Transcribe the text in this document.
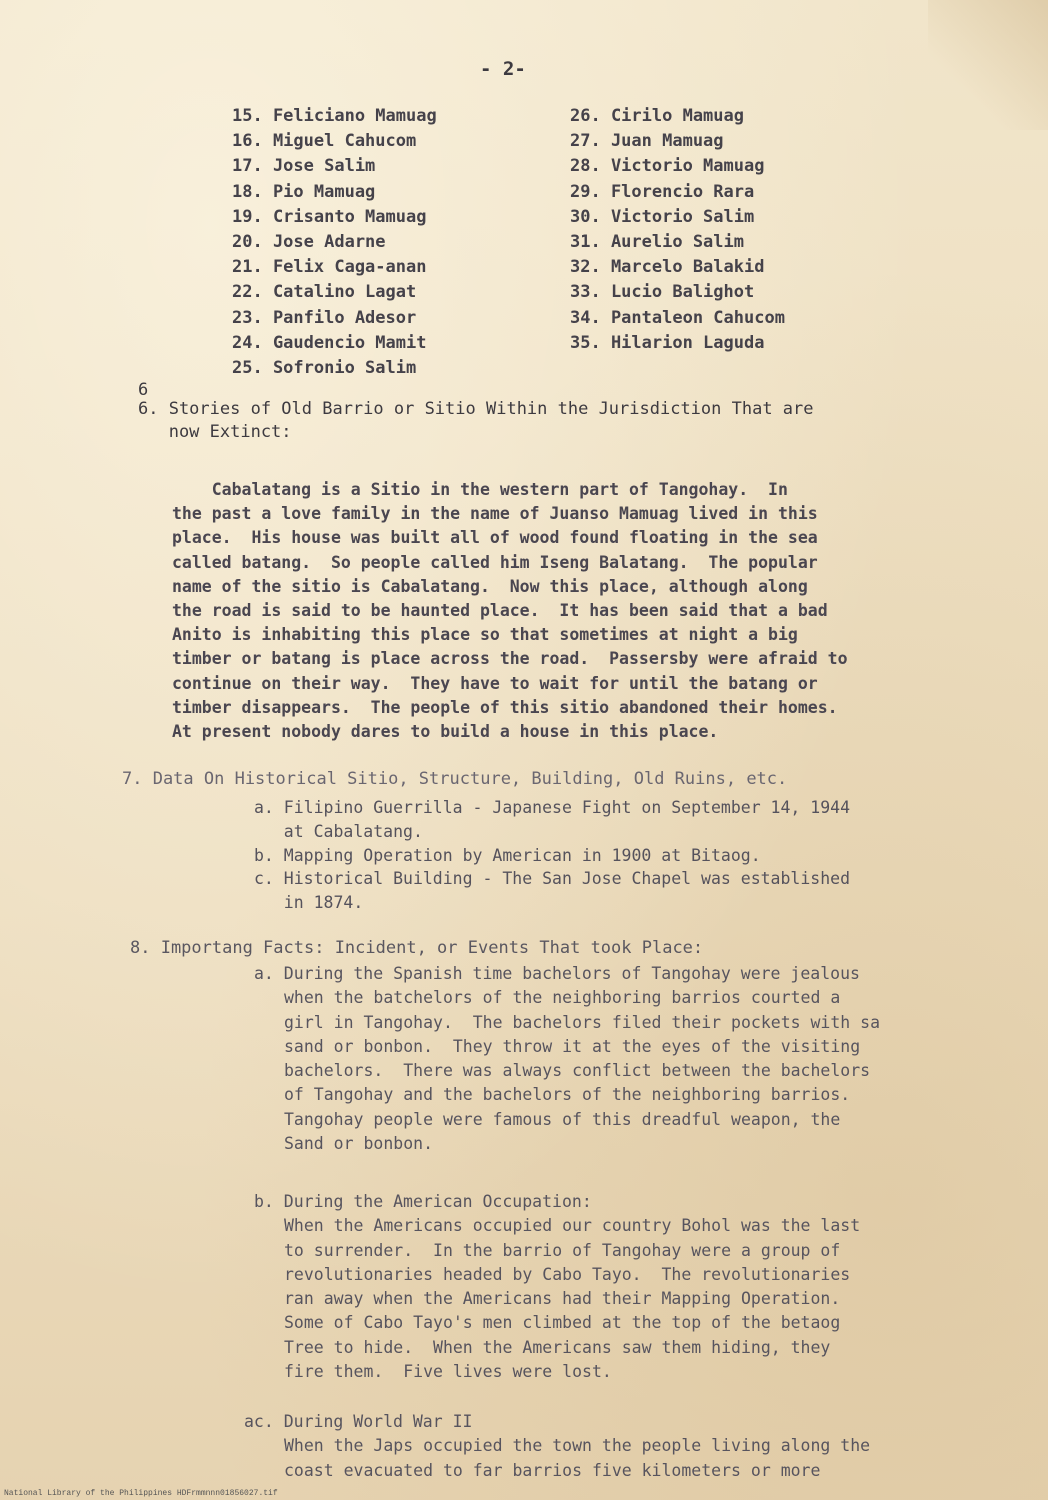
- 2-
15. Feliciano Mamuag
16. Miguel Cahucom
17. Jose Salim
18. Pio Mamuag
19. Crisanto Mamuag
20. Jose Adarne
21. Felix Caga-anan
22. Catalino Lagat
23. Panfilo Adesor
24. Gaudencio Mamit
25. Sofronio Salim
26. Cirilo Mamuag
27. Juan Mamuag
28. Victorio Mamuag
29. Florencio Rara
30. Victorio Salim
31. Aurelio Salim
32. Marcelo Balakid
33. Lucio Balighot
34. Pantaleon Cahucom
35. Hilarion Laguda
6
6. Stories of Old Barrio or Sitio Within the Jurisdiction That are
now Extinct:
Cabalatang is a Sitio in the western part of Tangohay.  In
the past a love family in the name of Juanso Mamuag lived in this
place.  His house was built all of wood found floating in the sea
called batang.  So people called him Iseng Balatang.  The popular
name of the sitio is Cabalatang.  Now this place, although along
the road is said to be haunted place.  It has been said that a bad
Anito is inhabiting this place so that sometimes at night a big
timber or batang is place across the road.  Passersby were afraid to
continue on their way.  They have to wait for until the batang or
timber disappears.  The people of this sitio abandoned their homes.
At present nobody dares to build a house in this place.
7. Data On Historical Sitio, Structure, Building, Old Ruins, etc.
a. Filipino Guerrilla - Japanese Fight on September 14, 1944
at Cabalatang.
b. Mapping Operation by American in 1900 at Bitaog.
c. Historical Building - The San Jose Chapel was established
in 1874.
8. Importang Facts: Incident, or Events That took Place:
a. During the Spanish time bachelors of Tangohay were jealous
when the batchelors of the neighboring barrios courted a
girl in Tangohay.  The bachelors filed their pockets with sa
sand or bonbon.  They throw it at the eyes of the visiting
bachelors.  There was always conflict between the bachelors
of Tangohay and the bachelors of the neighboring barrios.
Tangohay people were famous of this dreadful weapon, the
Sand or bonbon.
b. During the American Occupation:
When the Americans occupied our country Bohol was the last
to surrender.  In the barrio of Tangohay were a group of
revolutionaries headed by Cabo Tayo.  The revolutionaries
ran away when the Americans had their Mapping Operation.
Some of Cabo Tayo's men climbed at the top of the betaog
Tree to hide.  When the Americans saw them hiding, they
fire them.  Five lives were lost.
ac. During World War II
When the Japs occupied the town the people living along the
coast evacuated to far barrios five kilometers or more
National Library of the Philippines HDFrmmnnn01856027.tif
